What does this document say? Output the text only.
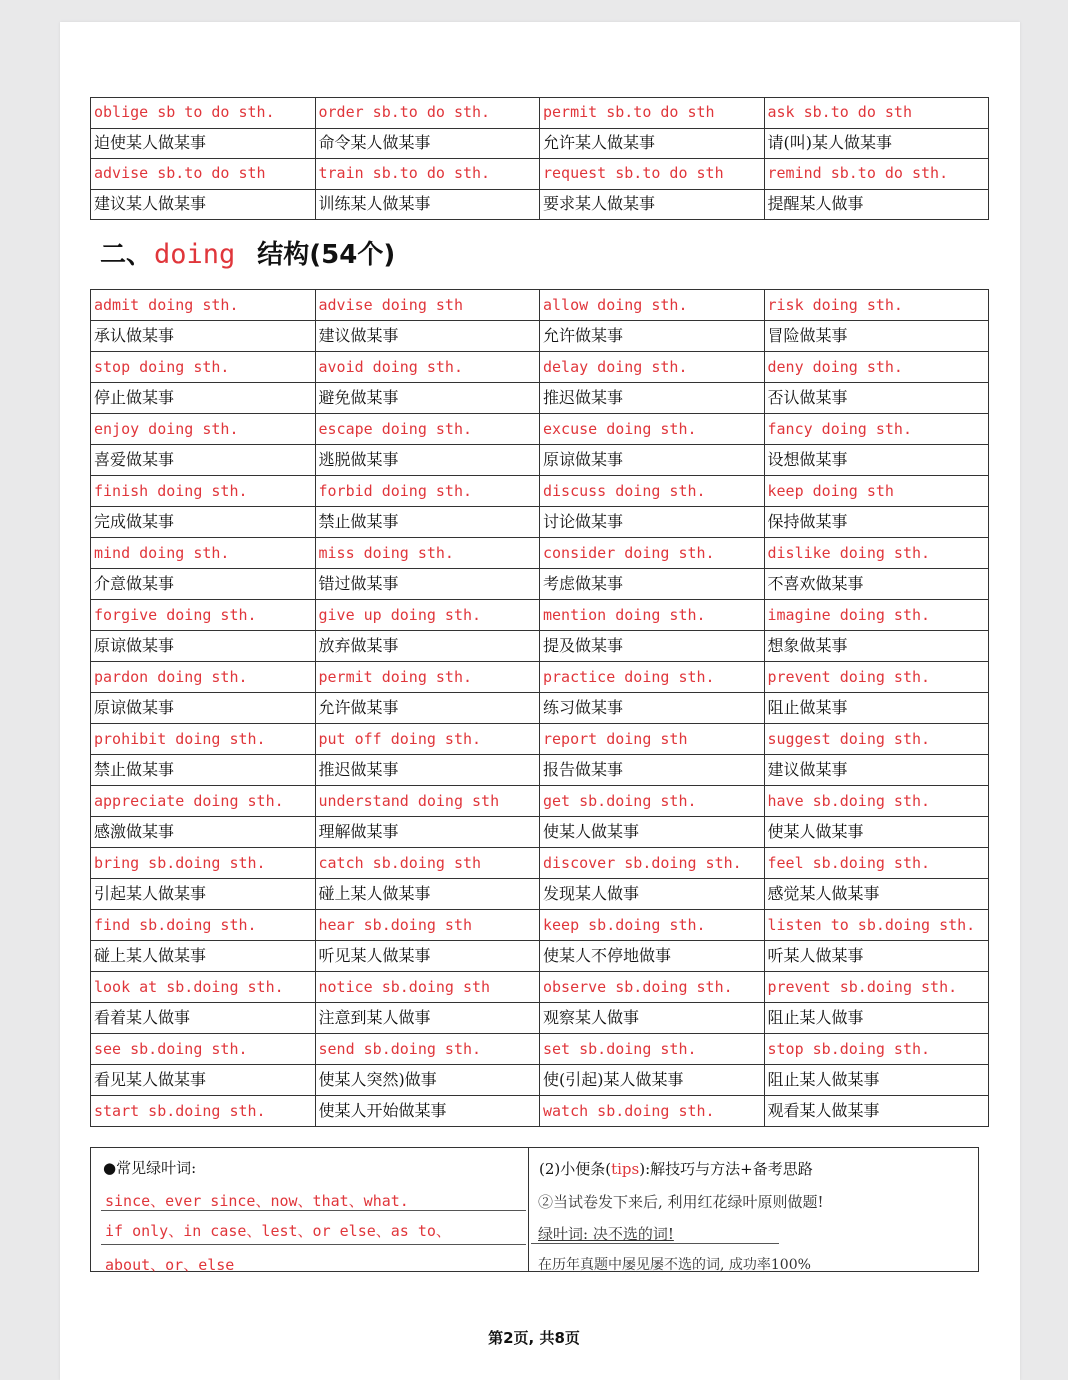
oblige sb to do sth.	order sb.to do sth.	permit sb.to do sth	ask sb.to do sth
迫使某人做某事	命令某人做某事	允许某人做某事	请(叫)某人做某事
advise sb.to do sth	train sb.to do sth.	request sb.to do sth	remind sb.to do sth.
建议某人做某事	训练某人做某事	要求某人做某事	提醒某人做事
二、doing 结构(54个)
admit doing sth.	advise doing sth	allow doing sth.	risk doing sth.
承认做某事	建议做某事	允许做某事	冒险做某事
stop doing sth.	avoid doing sth.	delay doing sth.	deny doing sth.
停止做某事	避免做某事	推迟做某事	否认做某事
enjoy doing sth.	escape doing sth.	excuse doing sth.	fancy doing sth.
喜爱做某事	逃脱做某事	原谅做某事	设想做某事
finish doing sth.	forbid doing sth.	discuss doing sth.	keep doing sth
完成做某事	禁止做某事	讨论做某事	保持做某事
mind doing sth.	miss doing sth.	consider doing sth.	dislike doing sth.
介意做某事	错过做某事	考虑做某事	不喜欢做某事
forgive doing sth.	give up doing sth.	mention doing sth.	imagine doing sth.
原谅做某事	放弃做某事	提及做某事	想象做某事
pardon doing sth.	permit doing sth.	practice doing sth.	prevent doing sth.
原谅做某事	允许做某事	练习做某事	阻止做某事
prohibit doing sth.	put off doing sth.	report doing sth	suggest doing sth.
禁止做某事	推迟做某事	报告做某事	建议做某事
appreciate doing sth.	understand doing sth	get sb.doing sth.	have sb.doing sth.
感激做某事	理解做某事	使某人做某事	使某人做某事
bring sb.doing sth.	catch sb.doing sth	discover sb.doing sth.	feel sb.doing sth.
引起某人做某事	碰上某人做某事	发现某人做事	感觉某人做某事
find sb.doing sth.	hear sb.doing sth	keep sb.doing sth.	listen to sb.doing sth.
碰上某人做某事	听见某人做某事	使某人不停地做事	听某人做某事
look at sb.doing sth.	notice sb.doing sth	observe sb.doing sth.	prevent sb.doing sth.
看着某人做事	注意到某人做事	观察某人做事	阻止某人做事
see sb.doing sth.	send sb.doing sth.	set sb.doing sth.	stop sb.doing sth.
看见某人做某事	使某人突然)做事	使(引起)某人做某事	阻止某人做某事
start sb.doing sth.	使某人开始做某事	watch sb.doing sth.	观看某人做某事
●常见绿叶词:
since、ever since、now、that、what.
if only、in case、lest、or else、as to、
about、or、else
(2)小便条(tips):解技巧与方法+备考思路
②当试卷发下来后, 利用红花绿叶原则做题!
绿叶词: 决不选的词!
在历年真题中屡见屡不选的词, 成功率100%
第2页, 共8页
